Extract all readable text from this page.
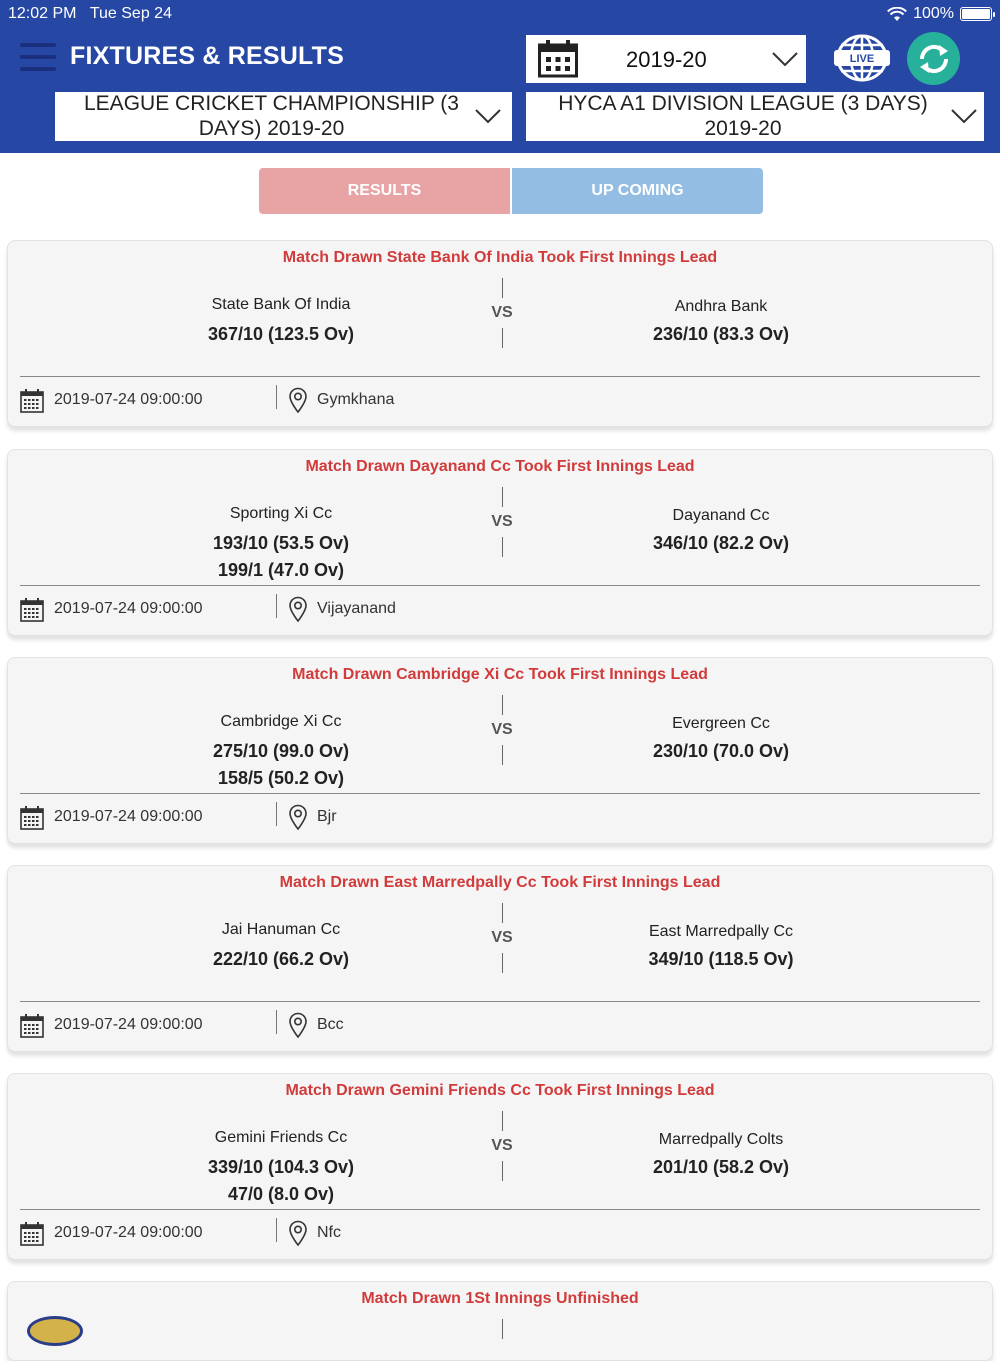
12:02 PM Tue Sep 24	100%
FIXTURES & RESULTS	2019-20	LIVE
LEAGUE CRICKET CHAMPIONSHIP (3
DAYS) 2019-20
HYCA A1 DIVISION LEAGUE (3 DAYS)
2019-20
RESULTS	UP COMING
Match Drawn State Bank Of India Took First Innings Lead
State Bank Of India
367/10 (123.5 Ov)
VS	Andhra Bank
236/10 (83.3 Ov)
2019-07-24 09:00:00	Gymkhana
Match Drawn Dayanand Cc Took First Innings Lead
Sporting Xi Cc
193/10 (53.5 Ov)
199/1 (47.0 Ov)
VS	Dayanand Cc
346/10 (82.2 Ov)
2019-07-24 09:00:00	Vijayanand
Match Drawn Cambridge Xi Cc Took First Innings Lead
Cambridge Xi Cc
275/10 (99.0 Ov)
158/5 (50.2 Ov)
VS	Evergreen Cc
230/10 (70.0 Ov)
2019-07-24 09:00:00	Bjr
Match Drawn East Marredpally Cc Took First Innings Lead
Jai Hanuman Cc
222/10 (66.2 Ov)
VS	East Marredpally Cc
349/10 (118.5 Ov)
2019-07-24 09:00:00	Bcc
Match Drawn Gemini Friends Cc Took First Innings Lead
Gemini Friends Cc
339/10 (104.3 Ov)
47/0 (8.0 Ov)
VS	Marredpally Colts
201/10 (58.2 Ov)
2019-07-24 09:00:00	Nfc
Match Drawn 1St Innings Unfinished
